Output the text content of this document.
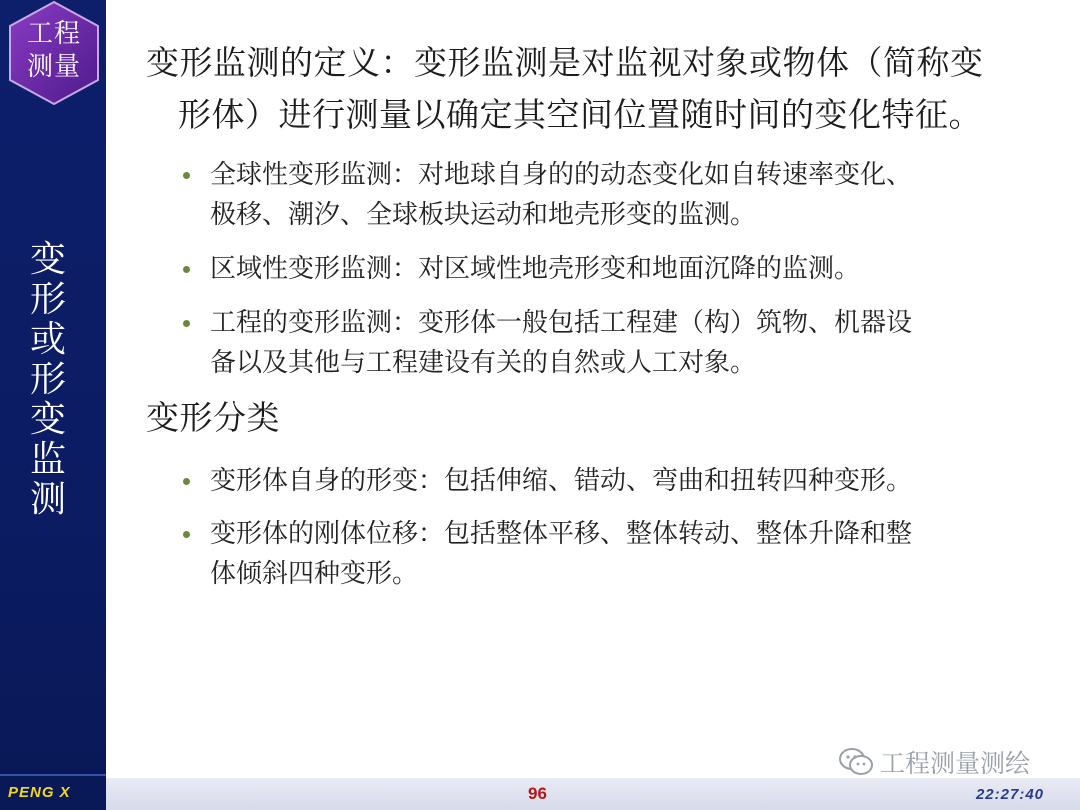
工程
测量
变
形
或
形
变
监
测
PENG X	96	22:27:40
工程测量测绘
变形监测的定义：变形监测是对监视对象或物体（简称变
形体）进行测量以确定其空间位置随时间的变化特征。
全球性变形监测：对地球自身的的动态变化如自转速率变化、
极移、潮汐、全球板块运动和地壳形变的监测。
区域性变形监测：对区域性地壳形变和地面沉降的监测。
工程的变形监测：变形体一般包括工程建（构）筑物、机器设
备以及其他与工程建设有关的自然或人工对象。
变形分类
变形体自身的形变：包括伸缩、错动、弯曲和扭转四种变形。
变形体的刚体位移：包括整体平移、整体转动、整体升降和整
体倾斜四种变形。
